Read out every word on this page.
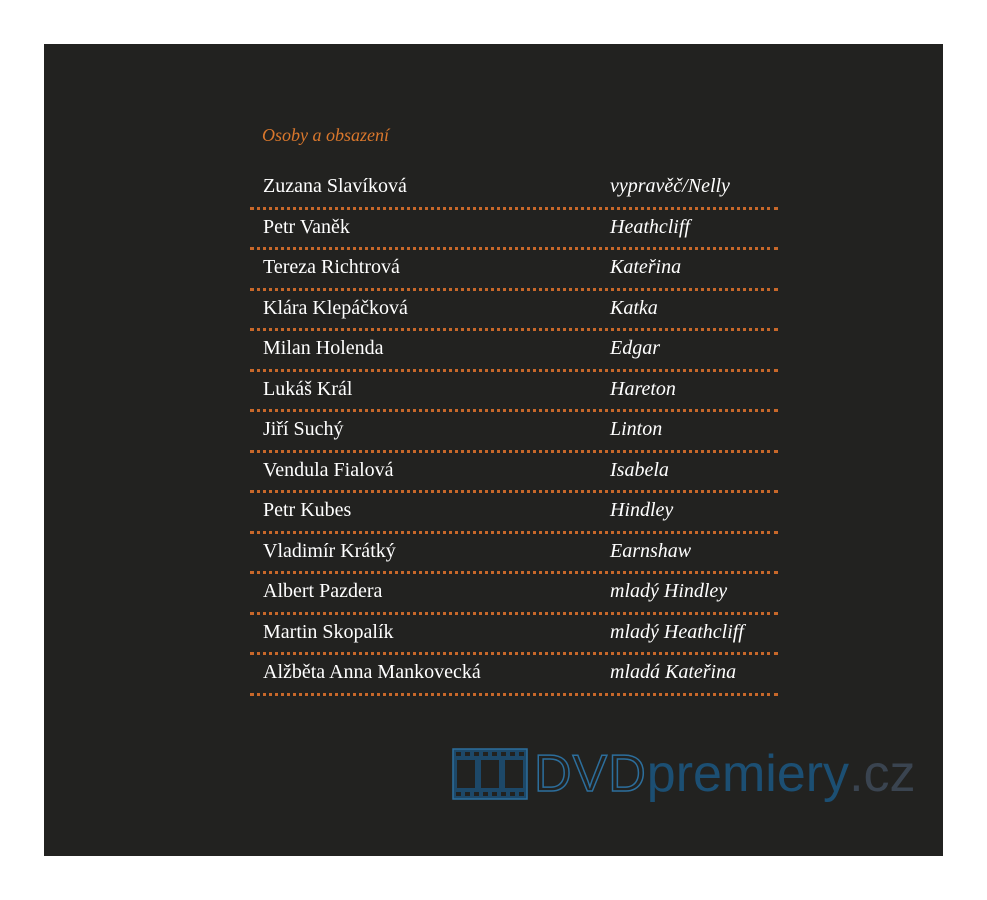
Osoby a obsazení
Zuzana Slavíková	vypravěč/Nelly
Petr Vaněk	Heathcliff
Tereza Richtrová	Kateřina
Klára Klepáčková	Katka
Milan Holenda	Edgar
Lukáš Král	Hareton
Jiří Suchý	Linton
Vendula Fialová	Isabela
Petr Kubes	Hindley
Vladimír Krátký	Earnshaw
Albert Pazdera	mladý Hindley
Martin Skopalík	mladý Heathcliff
Alžběta Anna Mankovecká	mladá Kateřina
DVD premiery .cz
